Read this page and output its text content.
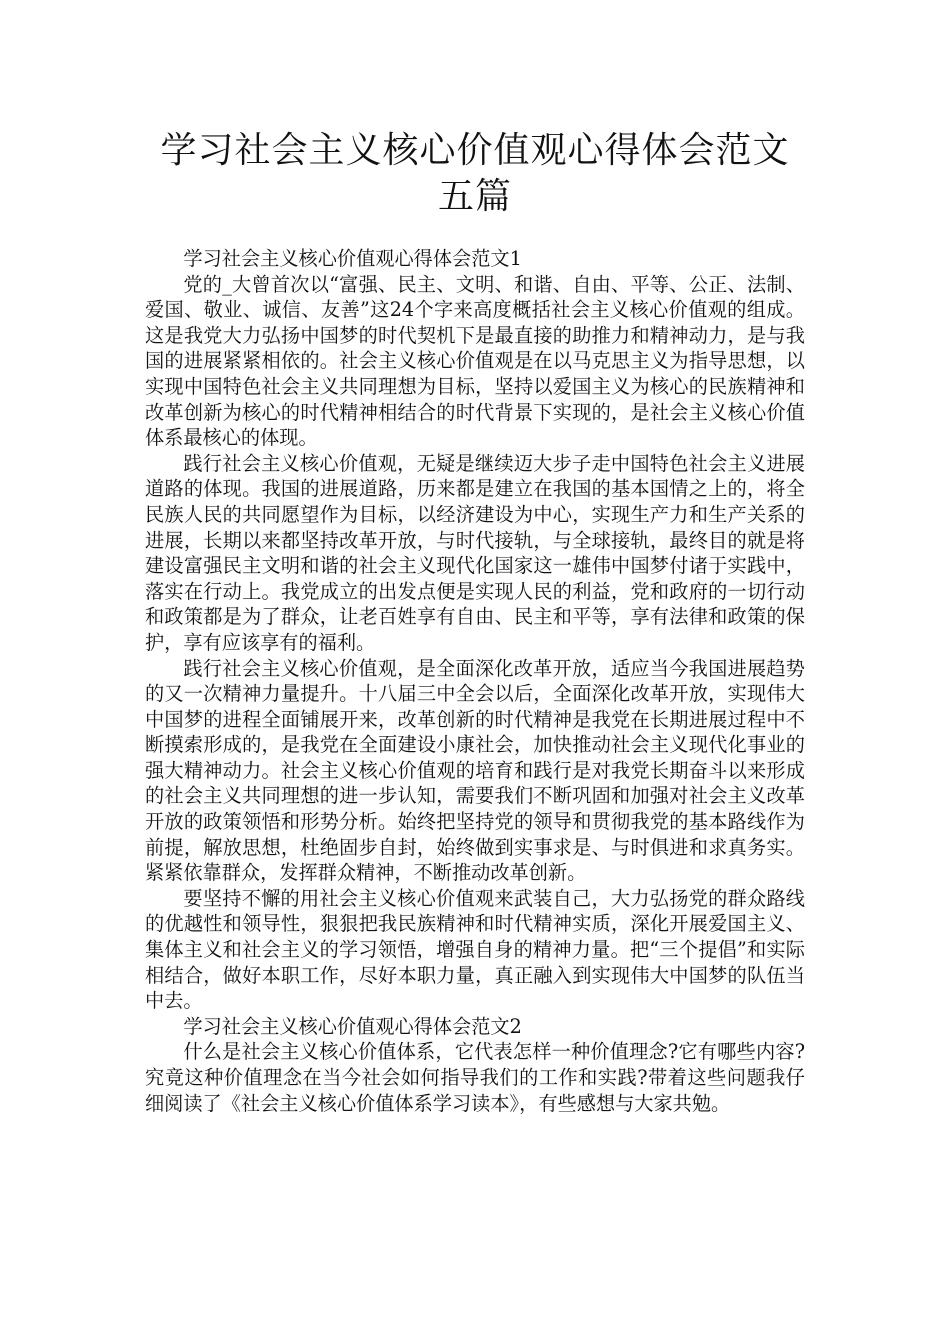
学习社会主义核心价值观心得体会范文
五篇

学习社会主义核心价值观心得体会范文1

党的_大曾首次以“富强、民主、文明、和谐、自由、平等、公正、法制、爱国、敬业、诚信、友善”这24个字来高度概括社会主义核心价值观的组成。这是我党大力弘扬中国梦的时代契机下是最直接的助推力和精神动力，是与我国的进展紧紧相依的。社会主义核心价值观是在以马克思主义为指导思想，以实现中国特色社会主义共同理想为目标，坚持以爱国主义为核心的民族精神和改革创新为核心的时代精神相结合的时代背景下实现的，是社会主义核心价值体系最核心的体现。

践行社会主义核心价值观，无疑是继续迈大步子走中国特色社会主义进展道路的体现。我国的进展道路，历来都是建立在我国的基本国情之上的，将全民族人民的共同愿望作为目标，以经济建设为中心，实现生产力和生产关系的进展，长期以来都坚持改革开放，与时代接轨，与全球接轨，最终目的就是将建设富强民主文明和谐的社会主义现代化国家这一雄伟中国梦付诸于实践中，落实在行动上。我党成立的出发点便是实现人民的利益，党和政府的一切行动和政策都是为了群众，让老百姓享有自由、民主和平等，享有法律和政策的保护，享有应该享有的福利。

践行社会主义核心价值观，是全面深化改革开放，适应当今我国进展趋势的又一次精神力量提升。十八届三中全会以后，全面深化改革开放，实现伟大中国梦的进程全面铺展开来，改革创新的时代精神是我党在长期进展过程中不断摸索形成的，是我党在全面建设小康社会，加快推动社会主义现代化事业的强大精神动力。社会主义核心价值观的培育和践行是对我党长期奋斗以来形成的社会主义共同理想的进一步认知，需要我们不断巩固和加强对社会主义改革开放的政策领悟和形势分析。始终把坚持党的领导和贯彻我党的基本路线作为前提，解放思想，杜绝固步自封，始终做到实事求是、与时俱进和求真务实。紧紧依靠群众，发挥群众精神，不断推动改革创新。

要坚持不懈的用社会主义核心价值观来武装自己，大力弘扬党的群众路线的优越性和领导性，狠狠把我民族精神和时代精神实质，深化开展爱国主义、集体主义和社会主义的学习领悟，增强自身的精神力量。把“三个提倡”和实际相结合，做好本职工作，尽好本职力量，真正融入到实现伟大中国梦的队伍当中去。

学习社会主义核心价值观心得体会范文2

什么是社会主义核心价值体系，它代表怎样一种价值理念?它有哪些内容?究竟这种价值理念在当今社会如何指导我们的工作和实践?带着这些问题我仔细阅读了《社会主义核心价值体系学习读本》，有些感想与大家共勉。
